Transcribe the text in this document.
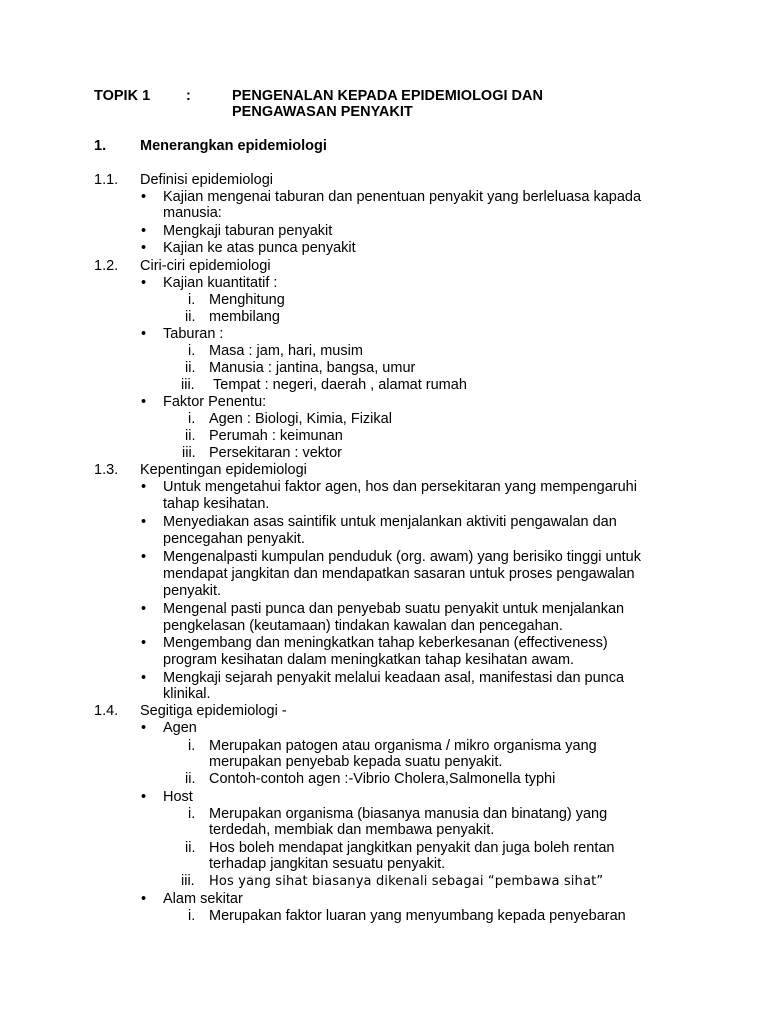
TOPIK 1 :	PENGENALAN KEPADA EPIDEMIOLOGI DAN
PENGAWASAN PENYAKIT
1. Menerangkan epidemiologi
1.1. Definisi epidemiologi
• Kajian mengenai taburan dan penentuan penyakit yang berleluasa kapada
manusia:
• Mengkaji taburan penyakit
• Kajian ke atas punca penyakit
1.2. Ciri-ciri epidemiologi
• Kajian kuantitatif :
i. Menghitung
ii. membilang
• Taburan :
i. Masa : jam, hari, musim
ii. Manusia : jantina, bangsa, umur
iii. Tempat : negeri, daerah , alamat rumah
• Faktor Penentu:
i. Agen : Biologi, Kimia, Fizikal
ii. Perumah : keimunan
iii. Persekitaran : vektor
1.3. Kepentingan epidemiologi
• Untuk mengetahui faktor agen, hos dan persekitaran yang mempengaruhi
tahap kesihatan.
• Menyediakan asas saintifik untuk menjalankan aktiviti pengawalan dan
pencegahan penyakit.
• Mengenalpasti kumpulan penduduk (org. awam) yang berisiko tinggi untuk
mendapat jangkitan dan mendapatkan sasaran untuk proses pengawalan
penyakit.
• Mengenal pasti punca dan penyebab suatu penyakit untuk menjalankan
pengkelasan (keutamaan) tindakan kawalan dan pencegahan.
• Mengembang dan meningkatkan tahap keberkesanan (effectiveness)
program kesihatan dalam meningkatkan tahap kesihatan awam.
• Mengkaji sejarah penyakit melalui keadaan asal, manifestasi dan punca
klinikal.
1.4. Segitiga epidemiologi -
• Agen
i. Merupakan patogen atau organisma / mikro organisma yang
merupakan penyebab kepada suatu penyakit.
ii. Contoh-contoh agen :-Vibrio Cholera,Salmonella typhi
• Host
i. Merupakan organisma (biasanya manusia dan binatang) yang
terdedah, membiak dan membawa penyakit.
ii. Hos boleh mendapat jangkitkan penyakit dan juga boleh rentan
terhadap jangkitan sesuatu penyakit.
iii. Hos yang sihat biasanya dikenali sebagai “pembawa sihat”
• Alam sekitar
i. Merupakan faktor luaran yang menyumbang kepada penyebaran
